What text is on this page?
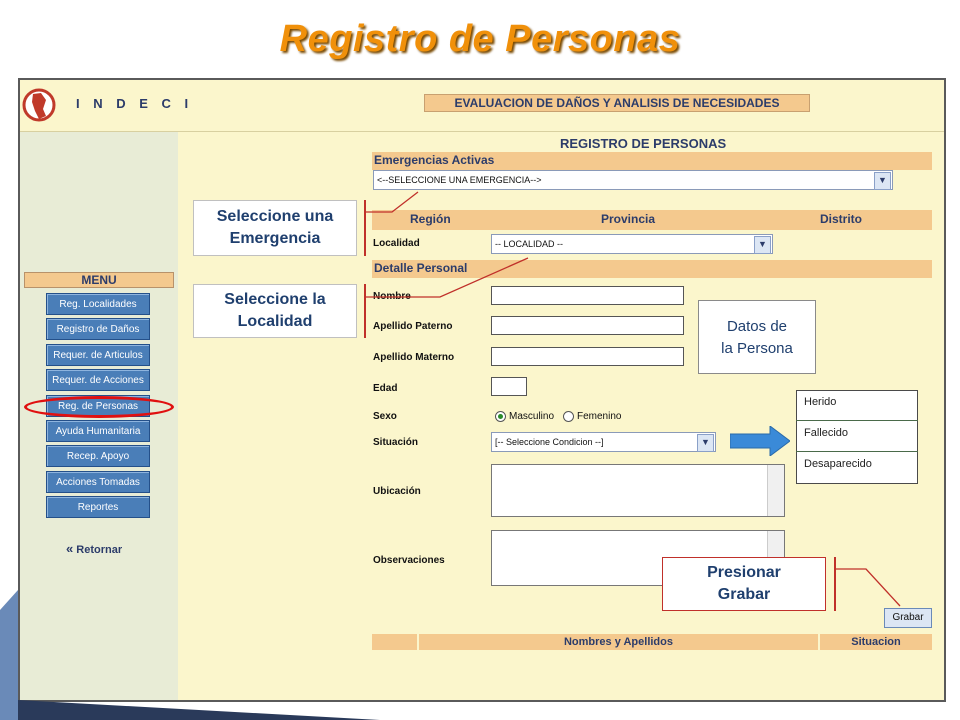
Registro de Personas
I N D E C I	EVALUACION DE DAÑOS Y ANALISIS DE NECESIDADES
MENU
Reg. Localidades
Registro de Daños
Requer. de Articulos
Requer. de Acciones
Reg. de Personas
Ayuda Humanitaria
Recep. Apoyo
Acciones Tomadas
Reportes
« Retornar
REGISTRO DE PERSONAS
Emergencias Activas
<--SELECCIONE UNA EMERGENCIA-->	▼
Región	Provincia	Distrito
Localidad	-- LOCALIDAD --	▼
Detalle Personal
Nombre
Apellido Paterno
Apellido Materno
Edad
Sexo	Masculino Femenino
Situación	[-- Seleccione Condicion --]	▼
Ubicación
Observaciones
Grabar
Nombres y Apellidos	Situacion
Seleccione una
Emergencia
Seleccione la
Localidad	Datos de
la Persona
Herido
Fallecido
Desaparecido
Presionar
Grabar
